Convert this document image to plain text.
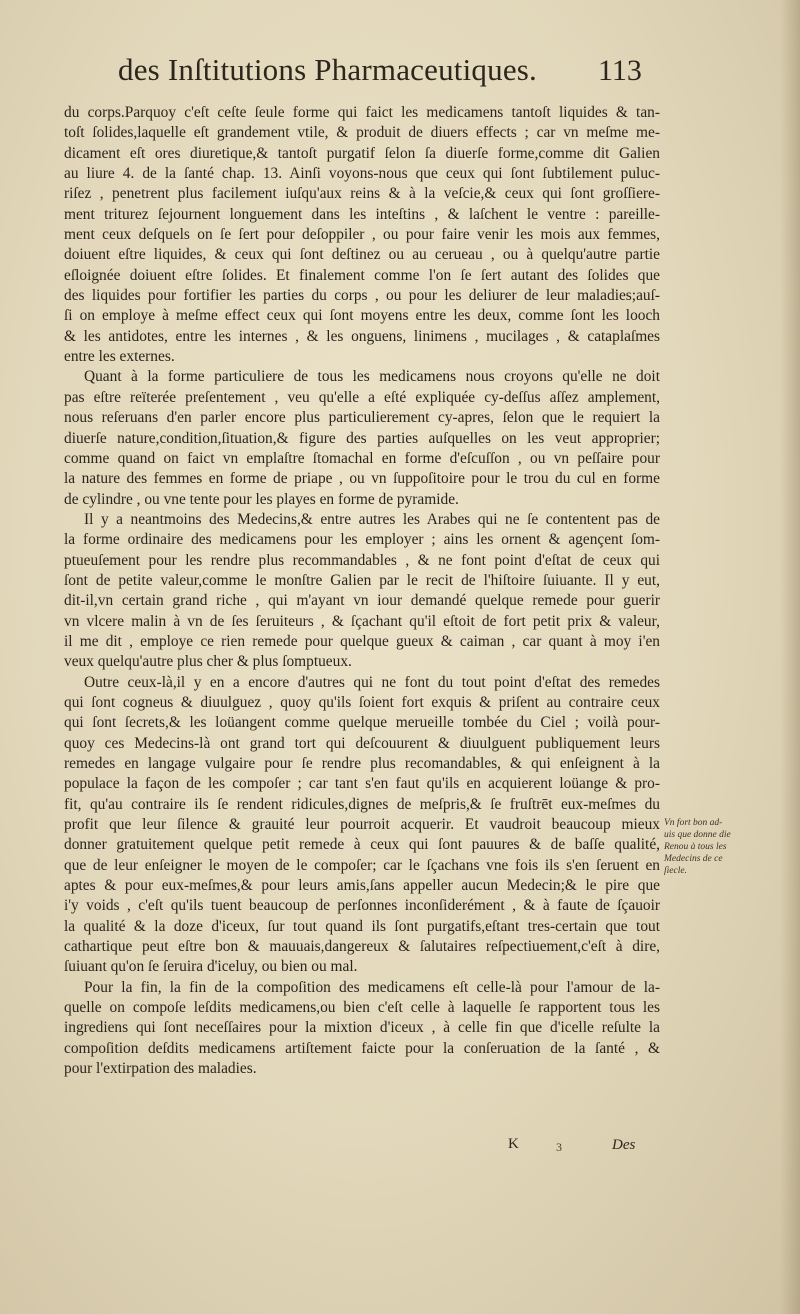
des Inſtitutions Pharmaceutiques. 113

du corps.Parquoy c'eſt ceſte ſeule forme qui faict les medicamens tantoſt liquides & tan-
toſt ſolides,laquelle eſt grandement vtile, & produit de diuers effects ; car vn meſme me-
dicament eſt ores diuretique,& tantoſt purgatif ſelon ſa diuerſe forme,comme dit Galien
au liure 4. de la ſanté chap. 13. Ainſi voyons-nous que ceux qui ſont ſubtilement puluc-
riſez , penetrent plus facilement iuſqu'aux reins & à la veſcie,& ceux qui ſont groſſiere-
ment triturez ſejournent longuement dans les inteſtins , & laſchent le ventre : pareille-
ment ceux deſquels on ſe ſert pour deſoppiler , ou pour faire venir les mois aux femmes,
doiuent eſtre liquides, & ceux qui ſont deſtinez ou au cerueau , ou à quelqu'autre partie
eſloignée doiuent eſtre ſolides. Et finalement comme l'on ſe ſert autant des ſolides que
des liquides pour fortifier les parties du corps , ou pour les deliurer de leur maladies;auſ-
ſi on employe à meſme effect ceux qui ſont moyens entre les deux, comme ſont les looch
& les antidotes, entre les internes , & les onguens, linimens , mucilages , & cataplaſmes
entre les externes.

Quant à la forme particuliere de tous les medicamens nous croyons qu'elle ne doit
pas eſtre reïterée preſentement , veu qu'elle a eſté expliquée cy-deſſus aſſez amplement,
nous reſeruans d'en parler encore plus particulierement cy-apres, ſelon que le requiert la
diuerſe nature,condition,ſituation,& figure des parties auſquelles on les veut approprier;
comme quand on faict vn emplaſtre ſtomachal en forme d'eſcuſſon , ou vn peſſaire pour
la nature des femmes en forme de priape , ou vn ſuppoſitoire pour le trou du cul en forme
de cylindre , ou vne tente pour les playes en forme de pyramide.

Il y a neantmoins des Medecins,& entre autres les Arabes qui ne ſe contentent pas de
la forme ordinaire des medicamens pour les employer ; ains les ornent & agençent ſom-
ptueuſement pour les rendre plus recommandables , & ne font point d'eſtat de ceux qui
ſont de petite valeur,comme le monſtre Galien par le recit de l'hiſtoire ſuiuante. Il y eut,
dit-il,vn certain grand riche , qui m'ayant vn iour demandé quelque remede pour guerir
vn vlcere malin à vn de ſes ſeruiteurs , & ſçachant qu'il eſtoit de fort petit prix & valeur,
il me dit , employe ce rien remede pour quelque gueux & caiman , car quant à moy i'en
veux quelqu'autre plus cher & plus ſomptueux.

Outre ceux-là,il y en a encore d'autres qui ne font du tout point d'eſtat des remedes
qui ſont cogneus & diuulguez , quoy qu'ils ſoient fort exquis & priſent au contraire ceux
qui ſont ſecrets,& les loüangent comme quelque merueille tombée du Ciel ; voilà pour-
quoy ces Medecins-là ont grand tort qui deſcouurent & diuulguent publiquement leurs
remedes en langage vulgaire pour ſe rendre plus recomandables, & qui enſeignent à la
populace la façon de les compoſer ; car tant s'en faut qu'ils en acquierent loüange & pro-
fit, qu'au contraire ils ſe rendent ridicules,dignes de meſpris,& ſe fruſtrēt eux-meſmes du
profit que leur ſilence & grauité leur pourroit acquerir. Et vaudroit beaucoup mieux
donner gratuitement quelque petit remede à ceux qui ſont pauures & de baſſe qualité,
que de leur enſeigner le moyen de le compoſer; car le ſçachans vne fois ils s'en ſeruent en
aptes & pour eux-meſmes,& pour leurs amis,ſans appeller aucun Medecin;& le pire que
i'y voids , c'eſt qu'ils tuent beaucoup de perſonnes inconſiderément , & à faute de ſçauoir
la qualité & la doze d'iceux, ſur tout quand ils ſont purgatifs,eſtant tres-certain que tout
cathartique peut eſtre bon & mauuais,dangereux & ſalutaires reſpectiuement,c'eſt à dire,
ſuiuant qu'on ſe ſeruira d'iceluy, ou bien ou mal.

Pour la fin, la fin de la compoſition des medicamens eſt celle-là pour l'amour de la-
quelle on compoſe leſdits medicamens,ou bien c'eſt celle à laquelle ſe rapportent tous les
ingrediens qui ſont neceſſaires pour la mixtion d'iceux , à celle fin que d'icelle reſulte la
compoſition deſdits medicamens artiſtement faicte pour la conſeruation de la ſanté , &
pour l'extirpation des maladies.

Vn fort bon ad-
uis que donne die
Renou à tous les
Medecins de ce
ſiecle.
K	3	Des
